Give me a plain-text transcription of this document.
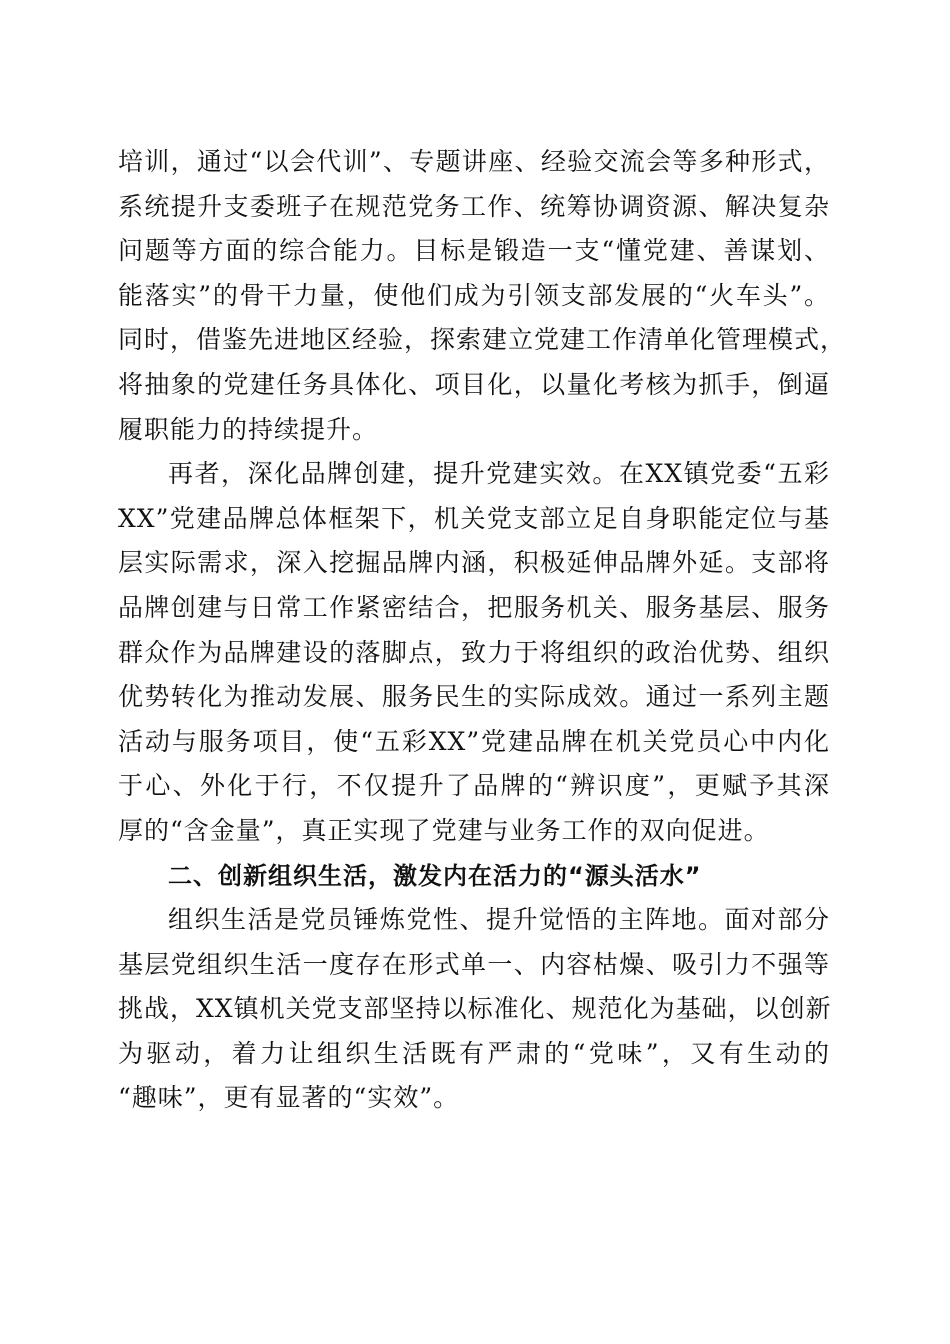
培训，通过“以会代训”、专题讲座、经验交流会等多种形式，
系统提升支委班子在规范党务工作、统筹协调资源、解决复杂
问题等方面的综合能力。目标是锻造一支“懂党建、善谋划、
能落实”的骨干力量，使他们成为引领支部发展的“火车头”。
同时，借鉴先进地区经验，探索建立党建工作清单化管理模式，
将抽象的党建任务具体化、项目化，以量化考核为抓手，倒逼
履职能力的持续提升。
再者，深化品牌创建，提升党建实效。在XX镇党委“五彩
XX”党建品牌总体框架下，机关党支部立足自身职能定位与基
层实际需求，深入挖掘品牌内涵，积极延伸品牌外延。支部将
品牌创建与日常工作紧密结合，把服务机关、服务基层、服务
群众作为品牌建设的落脚点，致力于将组织的政治优势、组织
优势转化为推动发展、服务民生的实际成效。通过一系列主题
活动与服务项目，使“五彩XX”党建品牌在机关党员心中内化
于心、外化于行，不仅提升了品牌的“辨识度”，更赋予其深
厚的“含金量”，真正实现了党建与业务工作的双向促进。
二、创新组织生活，激发内在活力的“源头活水”
组织生活是党员锤炼党性、提升觉悟的主阵地。面对部分
基层党组织生活一度存在形式单一、内容枯燥、吸引力不强等
挑战，XX镇机关党支部坚持以标准化、规范化为基础，以创新
为驱动，着力让组织生活既有严肃的“党味”，又有生动的
“趣味”，更有显著的“实效”。
